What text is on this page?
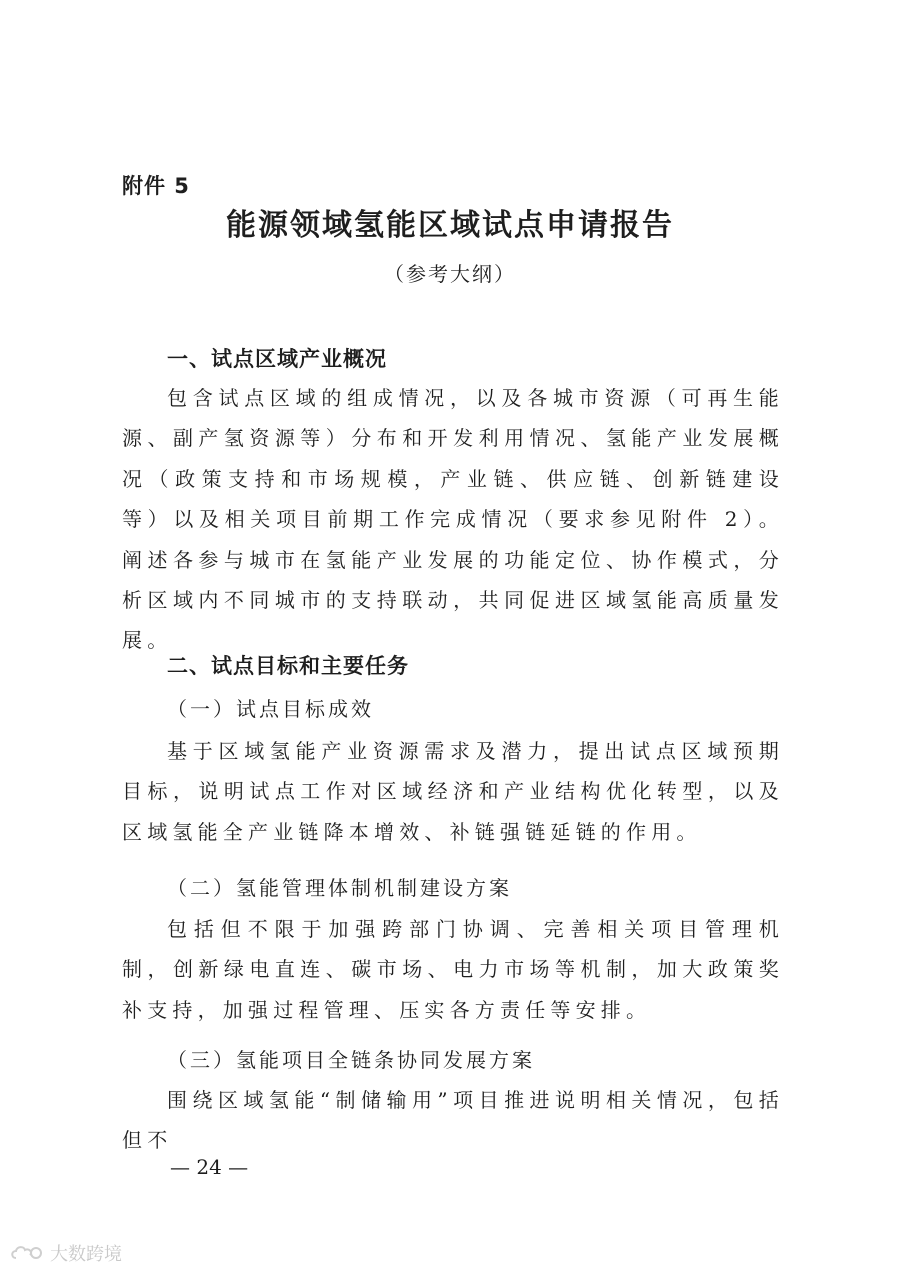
附件 5
能源领域氢能区域试点申请报告
（参考大纲）
一、试点区域产业概况

包含试点区域的组成情况，以及各城市资源（可再生能源、副产氢资源等）分布和开发利用情况、氢能产业发展概况（政策支持和市场规模，产业链、供应链、创新链建设等）以及相关项目前期工作完成情况（要求参见附件 2）。阐述各参与城市在氢能产业发展的功能定位、协作模式，分析区域内不同城市的支持联动，共同促进区域氢能高质量发展。

二、试点目标和主要任务
（一）试点目标成效

基于区域氢能产业资源需求及潜力，提出试点区域预期目标，说明试点工作对区域经济和产业结构优化转型，以及区域氢能全产业链降本增效、补链强链延链的作用。

（二）氢能管理体制机制建设方案

包括但不限于加强跨部门协调、完善相关项目管理机制，创新绿电直连、碳市场、电力市场等机制，加大政策奖补支持，加强过程管理、压实各方责任等安排。

（三）氢能项目全链条协同发展方案

围绕区域氢能“制储输用”项目推进说明相关情况，包括但不

— 24 —
大数跨境
